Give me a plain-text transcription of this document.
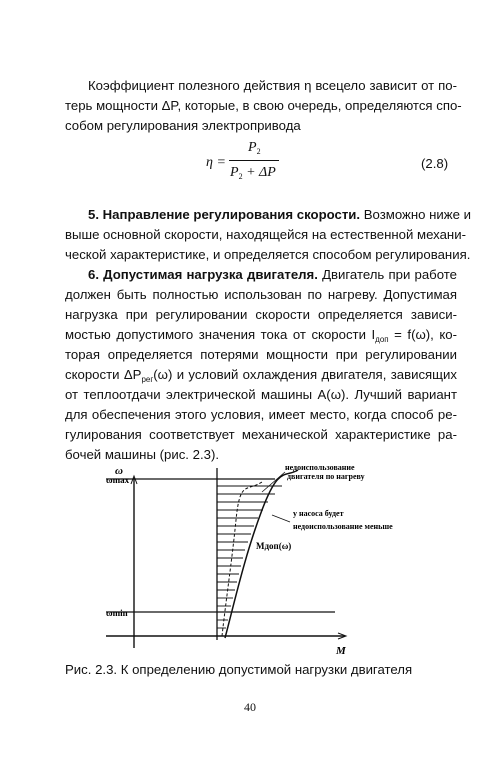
Коэффициент полезного действия η всецело зависит от по-
терь мощности ΔP, которые, в свою очередь, определяются спо-
собом регулирования электропривода
η =
$P_2$
$P_2 + \Delta P$
(2.8)
5. Направление регулирования скорости. Возможно ниже и
выше основной скорости, находящейся на естественной механи-
ческой характеристике, и определяется способом регулирования.
6. Допустимая нагрузка двигателя. Двигатель при работе
должен быть полностью использован по нагреву. Допустимая
нагрузка при регулировании скорости определяется зависи-
мостью допустимого значения тока от скорости $I_{доп} = f(\omega)$, ко-
торая определяется потерями мощности при регулировании
скорости $\Delta P_{рег}(\omega)$ и условий охлаждения двигателя, зависящих
от теплоотдачи электрической машины A(ω). Лучший вариант
для обеспечения этого условия, имеет место, когда способ ре-
гулирования соответствует механической характеристике ра-
бочей машины (рис. 2.3).
ω
ωmax
ωmin
M
недоиспользование
двигателя по нагреву
у насоса будет
недоиспользование меньше
Mдоп(ω)
Рис. 2.3. К определению допустимой нагрузки двигателя
40
